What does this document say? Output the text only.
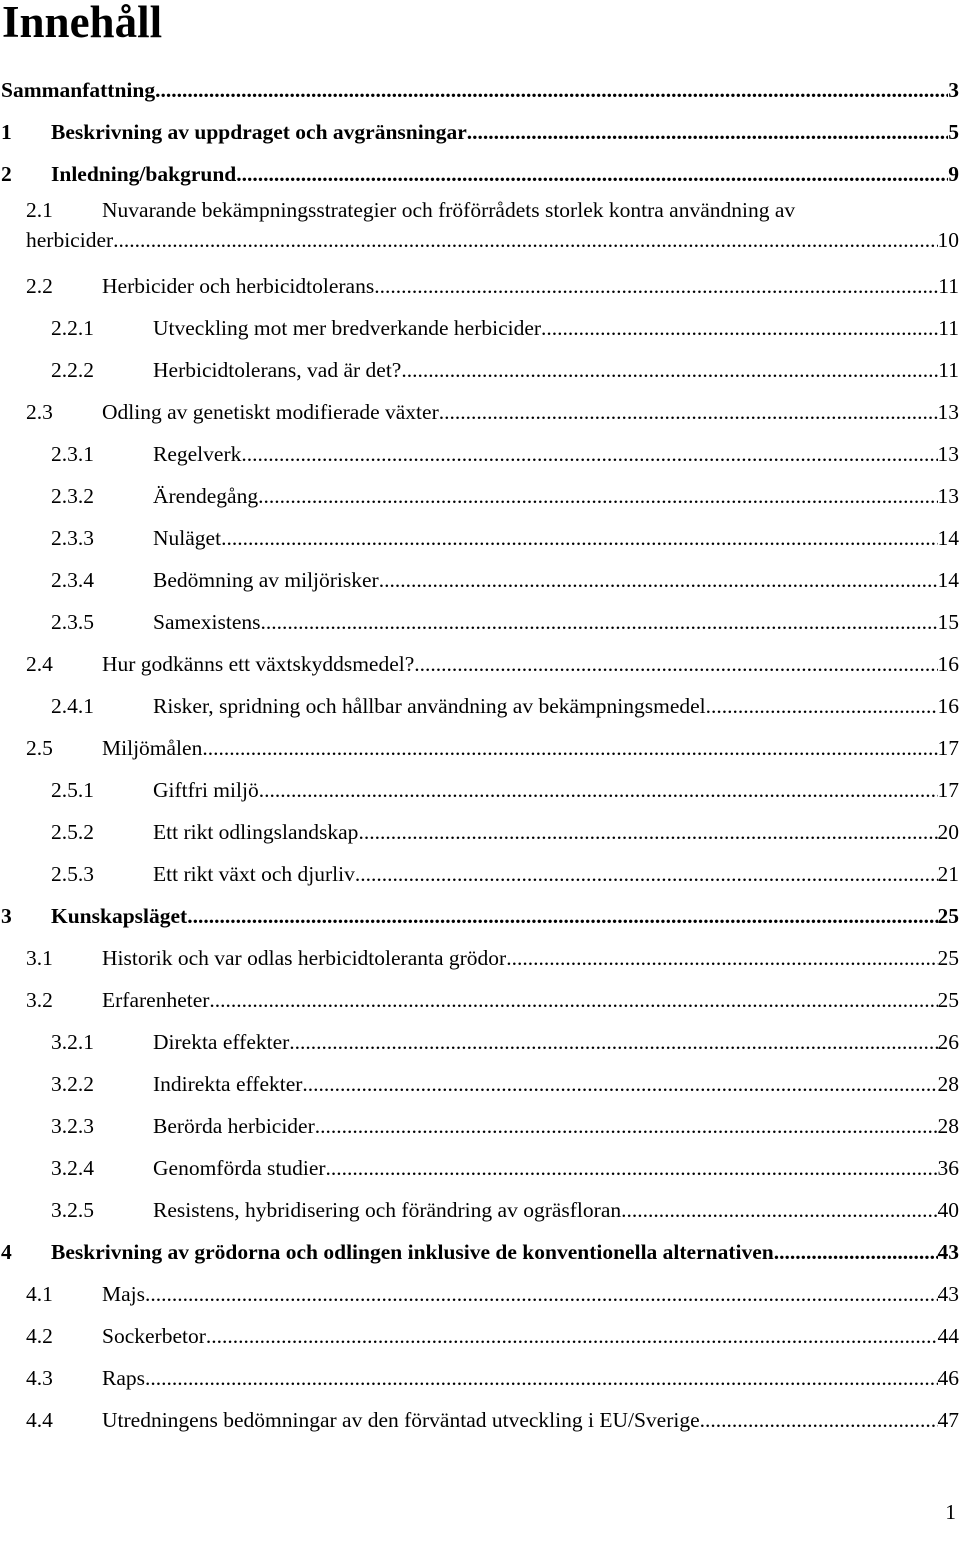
Innehåll
Sammanfattning .....	3
1 Beskrivning av uppdraget och avgränsningar .....	5
2 Inledning/bakgrund .....	9
2.1 Nuvarande bekämpningsstrategier och fröförrådets storlek kontra användning av
herbicider .....	10
2.2 Herbicider och herbicidtolerans .....	11
2.2.1	Utveckling mot mer bredverkande herbicider .....	11
2.2.2	Herbicidtolerans, vad är det? .....	11
2.3 Odling av genetiskt modifierade växter .....	13
2.3.1	Regelverk .....	13
2.3.2	Ärendegång .....	13
2.3.3	Nuläget .....	14
2.3.4	Bedömning av miljörisker .....	14
2.3.5	Samexistens .....	15
2.4 Hur godkänns ett växtskyddsmedel? .....	16
2.4.1	Risker, spridning och hållbar användning av bekämpningsmedel .....	16
2.5 Miljömålen .....	17
2.5.1	Giftfri miljö .....	17
2.5.2	Ett rikt odlingslandskap .....	20
2.5.3	Ett rikt växt och djurliv .....	21
3 Kunskapsläget .....	25
3.1 Historik och var odlas herbicidtoleranta grödor .....	25
3.2 Erfarenheter .....	25
3.2.1	Direkta effekter .....	26
3.2.2	Indirekta effekter .....	28
3.2.3	Berörda herbicider .....	28
3.2.4	Genomförda studier .....	36
3.2.5	Resistens, hybridisering och förändring av ogräsfloran .....	40
4 Beskrivning av grödorna och odlingen inklusive de konventionella alternativen .....	43
4.1 Majs .....	43
4.2 Sockerbetor .....	44
4.3 Raps .....	46
4.4 Utredningens bedömningar av den förväntad utveckling i EU/Sverige .....	47
1
